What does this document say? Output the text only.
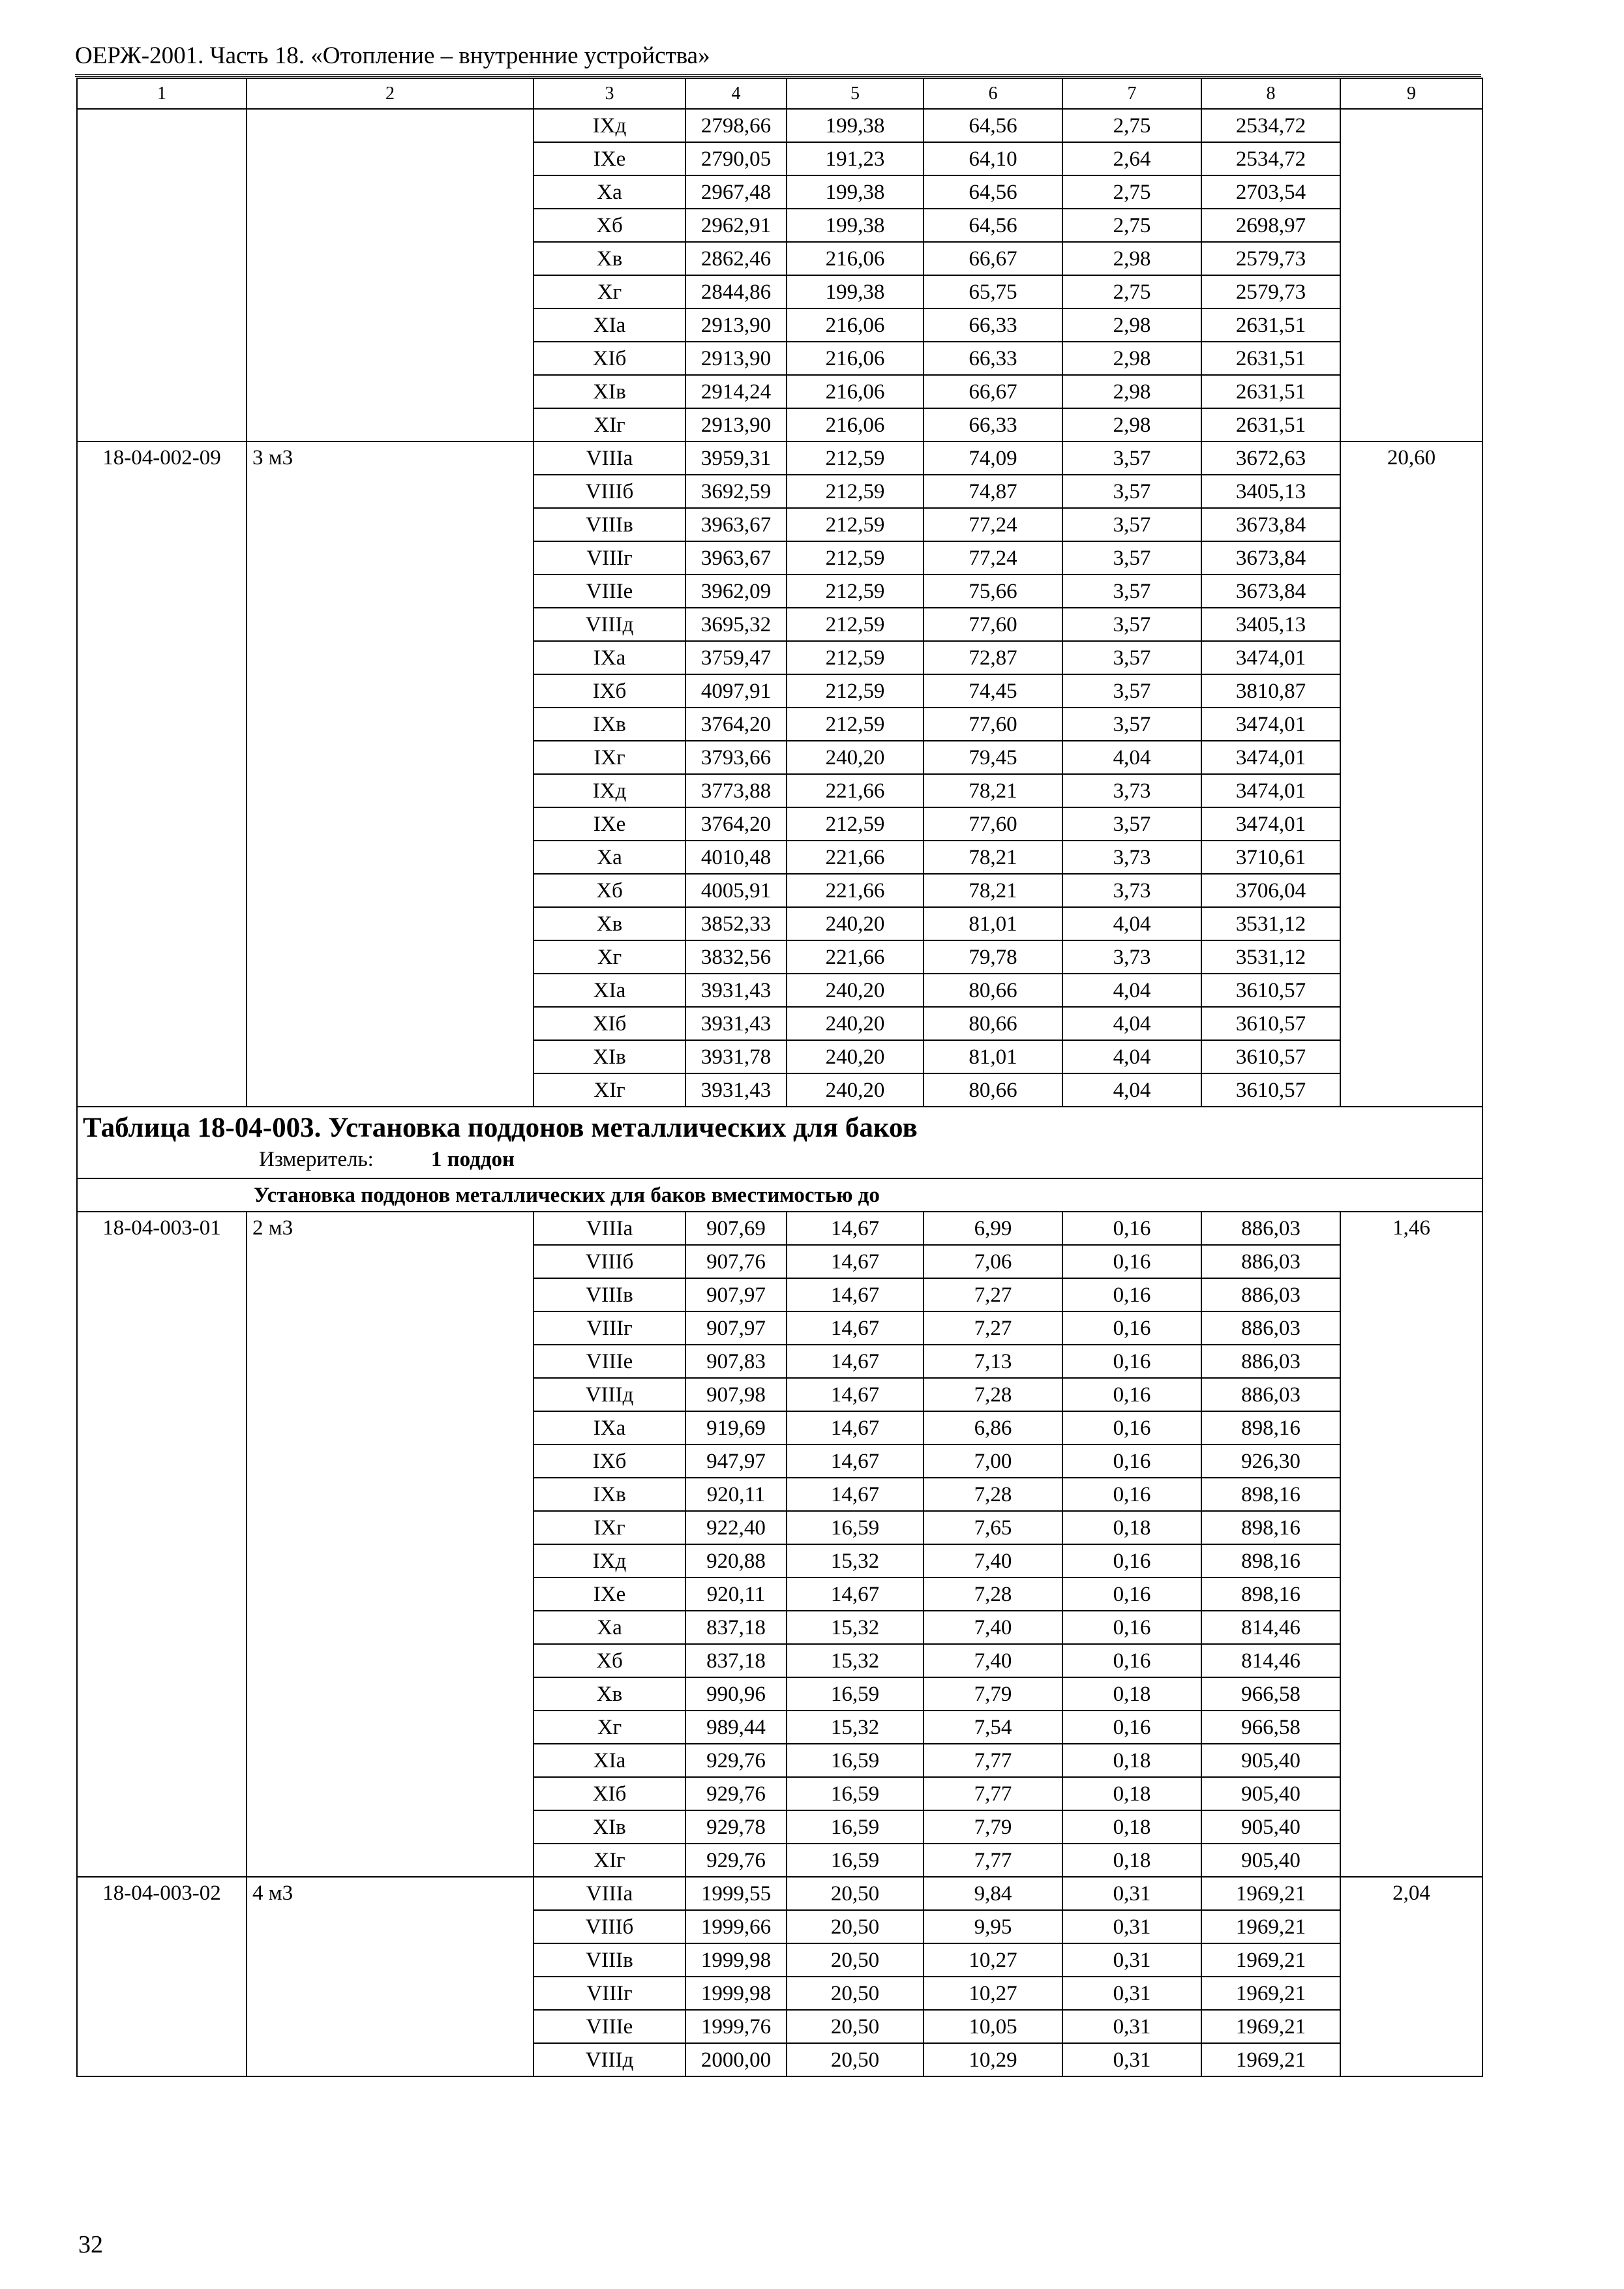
ОЕРЖ-2001. Часть 18. «Отопление – внутренние устройства»
1	2	3	4	5	6	7	8	9
		IXд	2798,66	199,38	64,56	2,75	2534,72	
		IXе	2790,05	191,23	64,10	2,64	2534,72	
		Xа	2967,48	199,38	64,56	2,75	2703,54	
		Xб	2962,91	199,38	64,56	2,75	2698,97	
		Xв	2862,46	216,06	66,67	2,98	2579,73	
		Xг	2844,86	199,38	65,75	2,75	2579,73	
		XIа	2913,90	216,06	66,33	2,98	2631,51	
		XIб	2913,90	216,06	66,33	2,98	2631,51	
		XIв	2914,24	216,06	66,67	2,98	2631,51	
		XIг	2913,90	216,06	66,33	2,98	2631,51	
18-04-002-09	3 м3	VIIIа	3959,31	212,59	74,09	3,57	3672,63	20,60
		VIIIб	3692,59	212,59	74,87	3,57	3405,13	
		VIIIв	3963,67	212,59	77,24	3,57	3673,84	
		VIIIг	3963,67	212,59	77,24	3,57	3673,84	
		VIIIе	3962,09	212,59	75,66	3,57	3673,84	
		VIIIд	3695,32	212,59	77,60	3,57	3405,13	
		IXа	3759,47	212,59	72,87	3,57	3474,01	
		IXб	4097,91	212,59	74,45	3,57	3810,87	
		IXв	3764,20	212,59	77,60	3,57	3474,01	
		IXг	3793,66	240,20	79,45	4,04	3474,01	
		IXд	3773,88	221,66	78,21	3,73	3474,01	
		IXе	3764,20	212,59	77,60	3,57	3474,01	
		Xа	4010,48	221,66	78,21	3,73	3710,61	
		Xб	4005,91	221,66	78,21	3,73	3706,04	
		Xв	3852,33	240,20	81,01	4,04	3531,12	
		Xг	3832,56	221,66	79,78	3,73	3531,12	
		XIа	3931,43	240,20	80,66	4,04	3610,57	
		XIб	3931,43	240,20	80,66	4,04	3610,57	
		XIв	3931,78	240,20	81,01	4,04	3610,57	
		XIг	3931,43	240,20	80,66	4,04	3610,57	

Таблица 18-04-003. Установка поддонов металлических для баков
Измеритель: 1 поддон								

Установка поддонов металлических для баков вместимостью до								
18-04-003-01	2 м3	VIIIа	907,69	14,67	6,99	0,16	886,03	1,46
		VIIIб	907,76	14,67	7,06	0,16	886,03	
		VIIIв	907,97	14,67	7,27	0,16	886,03	
		VIIIг	907,97	14,67	7,27	0,16	886,03	
		VIIIе	907,83	14,67	7,13	0,16	886,03	
		VIIIд	907,98	14,67	7,28	0,16	886,03	
		IXа	919,69	14,67	6,86	0,16	898,16	
		IXб	947,97	14,67	7,00	0,16	926,30	
		IXв	920,11	14,67	7,28	0,16	898,16	
		IXг	922,40	16,59	7,65	0,18	898,16	
		IXд	920,88	15,32	7,40	0,16	898,16	
		IXе	920,11	14,67	7,28	0,16	898,16	
		Xа	837,18	15,32	7,40	0,16	814,46	
		Xб	837,18	15,32	7,40	0,16	814,46	
		Xв	990,96	16,59	7,79	0,18	966,58	
		Xг	989,44	15,32	7,54	0,16	966,58	
		XIа	929,76	16,59	7,77	0,18	905,40	
		XIб	929,76	16,59	7,77	0,18	905,40	
		XIв	929,78	16,59	7,79	0,18	905,40	
		XIг	929,76	16,59	7,77	0,18	905,40	
18-04-003-02	4 м3	VIIIа	1999,55	20,50	9,84	0,31	1969,21	2,04
		VIIIб	1999,66	20,50	9,95	0,31	1969,21	
		VIIIв	1999,98	20,50	10,27	0,31	1969,21	
		VIIIг	1999,98	20,50	10,27	0,31	1969,21	
		VIIIе	1999,76	20,50	10,05	0,31	1969,21	
		VIIIд	2000,00	20,50	10,29	0,31	1969,21	
32
